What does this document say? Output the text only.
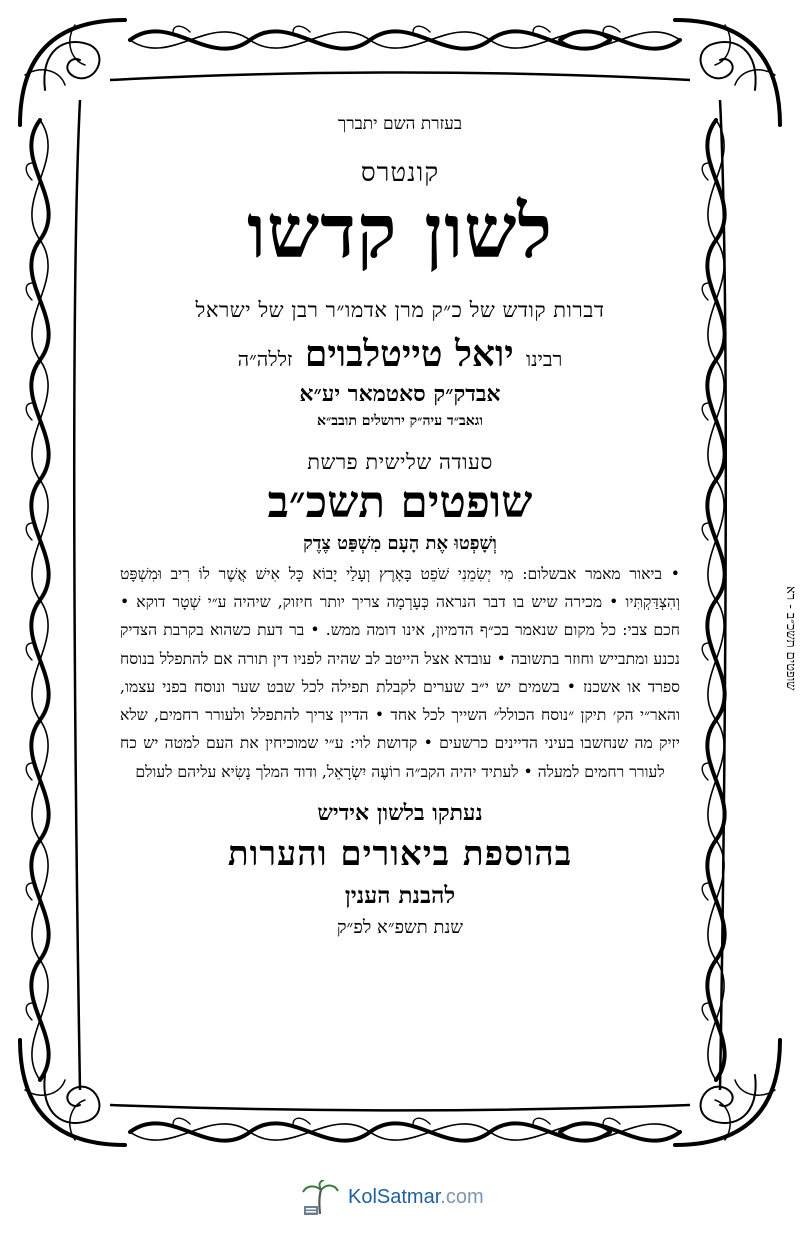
שופטים תשכ״ב - רא
בעזרת השם יתברך
קונטרס
לשון קדשו
דברות קודש של כ״ק מרן אדמו״ר רבן של ישראל
רבינו יואל טייטלבוים זללה״ה
אבדק״ק סאטמאר יע״א
וגאב״ד עיה״ק ירושלים תובב״א
סעודה שלישית פרשת
שופטים תשכ״ב
וְשָׁפְטוּ אֶת הָעָם מִשְׁפַּט צֶדֶק
• ביאור מאמר אבשלום: מִי יְשִׂמֵנִי שֹׁפֵט בָּאָרֶץ וְעָלַי יָבוֹא כָּל אִישׁ אֲשֶׁר לוֹ רִיב וּמִשְׁפָּט וְהִצְדַּקְתִּיו • מכירה שיש בו דבר הנראה כְּעָרְמָה צריך יותר חיזוק, שיהיה ע״י שְׁטָר דוקא • חכם צבי: כל מקום שנאמר בכ״ף הדמיון, אינו דומה ממש. • בר דעת כשהוא בקרבת הצדיק נכנע ומתבייש וחוזר בתשובה • עובדא אצל הייטב לב שהיה לפניו דין תורה אם להתפלל בנוסח ספרד או אשכנז • בשמים יש י״ב שערים לקבלת תפילה לכל שבט שער ונוסח בפני עצמו, והאר״י הק׳ תיקן ״נוסח הכולל״ השייך לכל אחד • הדיין צריך להתפלל ולעורר רחמים, שלא יזיק מה שנחשבו בעיני הדיינים כרשעים • קדושת לוי: ע״י שמוכיחין את העם למטה יש כח לעורר רחמים למעלה • לעתיד יהיה הקב״ה רוֹעֶה יִשְׂרָאֵל, ודוד המלך נָשִׂיא עליהם לעולם
נעתקו בלשון אידיש
בהוספת ביאורים והערות
להבנת הענין
שנת תשפ״א לפ״ק
KolSatmar.com
